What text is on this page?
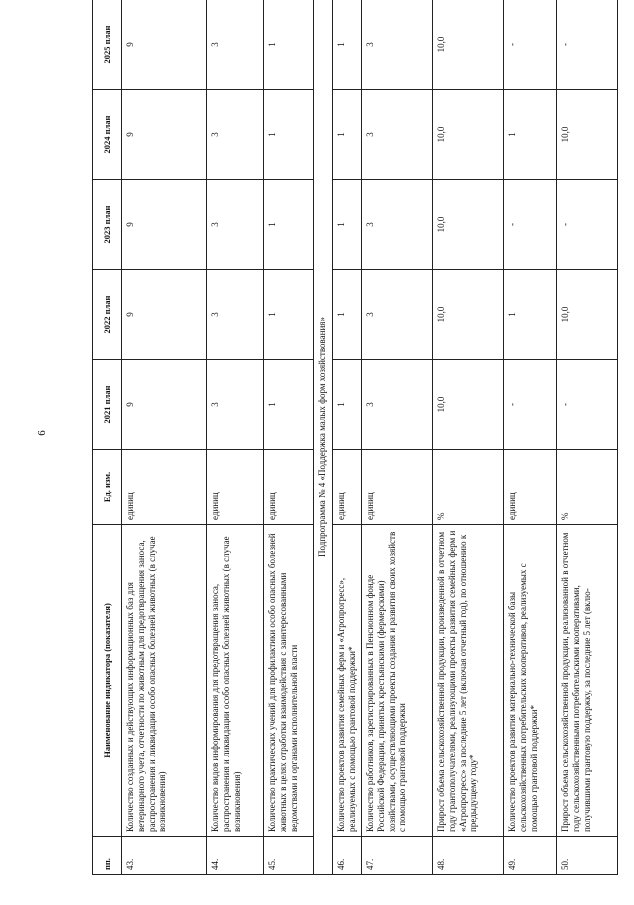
6
пп.	Наименование индикатора (показателя)	Ед. изм.	2021 план	2022 план	2023 план	2024 план	2025 план
43.	Количество созданных и действующих информационных баз для ветеринарного учета, отчетности по животным для предотвращения заноса, распространения и ликвидации особо опасных болезней животных (в случае возникновения)	единиц	9	9	9	9	9
44.	Количество видов информирования для предотвращения заноса, распространения и ликвидации особо опасных болезней животных (в случае возникновения)	единиц	3	3	3	3	3
45.	Количество практических учений для профилактики особо опасных болезней животных в целях отработки взаимодействия с заинтересованными ведомствами и органами исполнительной власти	единиц	1	1	1	1	1
Подпрограмма № 4 «Поддержка малых форм хозяйствования»							
46.	Количество проектов развития семейных ферм и «Агропрогресс», реализуемых с помощью грантовой поддержки*	единиц	1	1	1	1	1
47.	Количество работников, зарегистрированных в Пенсионном фонде Российской Федерации, принятых крестьянскими (фермерскими) хозяйствами, осуществляющими проекты создания и развития своих хозяйств с помощью грантовой поддержки	единиц	3	3	3	3	3
48.	Прирост объема сельскохозяйственной продукции, произведенной в отчетном году грантополучателями, реализующими проекты развития семейных ферм и «Агропрогресс» за последние 5 лет (включая отчетный год), по отношению к предыдущему году*	%	10,0	10,0	10,0	10,0	10,0
49.	Количество проектов развития материально-технической базы сельскохозяйственных потребительских кооперативов, реализуемых с помощью грантовой поддержки*	единиц	-	1	-	1	-
50.	Прирост объема сельскохозяйственной продукции, реализованной в отчетном году сельскохозяйственными потребительскими кооперативами, получившими грантовую поддержку, за последние 5 лет (вклю-	%	-	10,0	-	10,0	-
